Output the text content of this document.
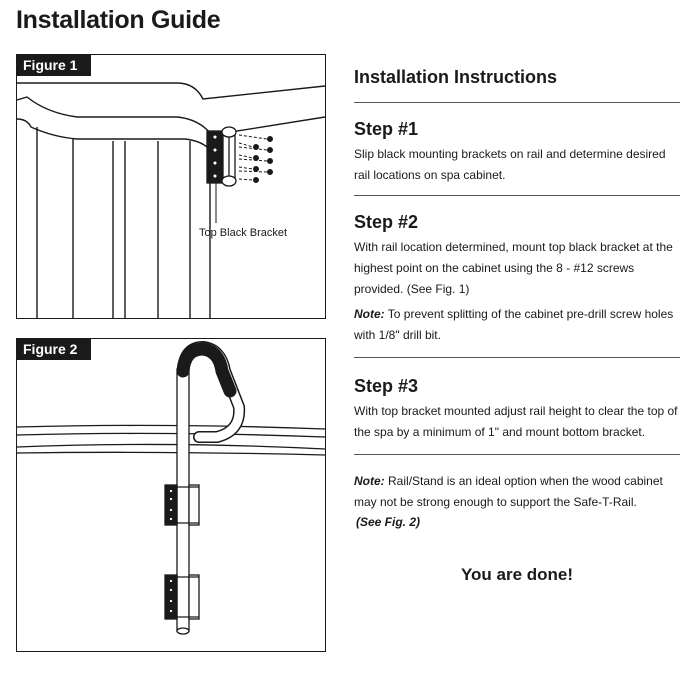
Installation Guide
Figure 1
Top Black Bracket
Figure 2
Installation Instructions
Step #1
Slip black mounting brackets on rail and determine desired rail locations on spa cabinet.
Step #2
With rail location determined, mount top black bracket at the highest point on the cabinet using the 8 - #12 screws provided. (See Fig. 1)
Note: To prevent splitting of the cabinet pre-drill screw holes with 1/8" drill bit.
Step #3
With top bracket mounted adjust rail height to clear the top of the spa by a minimum of 1" and mount bottom bracket.
Note: Rail/Stand is an ideal option when the wood cabinet may not be strong enough to support the Safe-T-Rail.
(See Fig. 2)
You are done!
